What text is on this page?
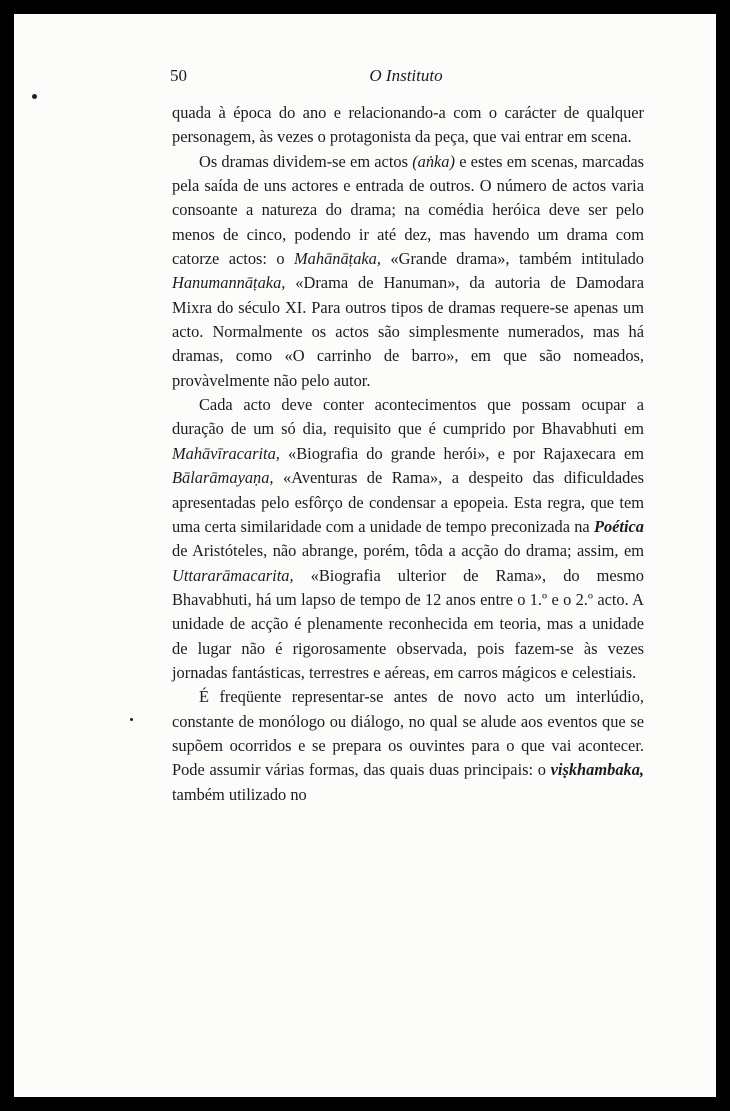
50	O Instituto

quada à época do ano e relacionando-a com o carácter de qualquer personagem, às vezes o protagonista da peça, que vai entrar em scena.

Os dramas dividem-se em actos (aṅka) e estes em scenas, marcadas pela saída de uns actores e entrada de outros. O número de actos varia consoante a natureza do drama; na comédia heróica deve ser pelo menos de cinco, podendo ir até dez, mas havendo um drama com catorze actos: o Mahānāṭaka, «Grande drama», também intitulado Hanumannāṭaka, «Drama de Hanuman», da autoria de Damodara Mixra do século XI. Para outros tipos de dramas requere-se apenas um acto. Normalmente os actos são simplesmente numerados, mas há dramas, como «O carrinho de barro», em que são nomeados, provàvelmente não pelo autor.

Cada acto deve conter acontecimentos que possam ocupar a duração de um só dia, requisito que é cumprido por Bhavabhuti em Mahāvīracarita, «Biografia do grande herói», e por Rajaxecara em Bālarāmayaṇa, «Aventuras de Rama», a despeito das dificuldades apresentadas pelo esfôrço de condensar a epopeia. Esta regra, que tem uma certa similaridade com a unidade de tempo preconizada na Poética de Aristóteles, não abrange, porém, tôda a acção do drama; assim, em Uttararāmacarita, «Biografia ulterior de Rama», do mesmo Bhavabhuti, há um lapso de tempo de 12 anos entre o 1.º e o 2.º acto. A unidade de acção é plenamente reconhecida em teoria, mas a unidade de lugar não é rigorosamente observada, pois fazem-se às vezes jornadas fantásticas, terrestres e aéreas, em carros mágicos e celestiais.

É freqüente representar-se antes de novo acto um interlúdio, constante de monólogo ou diálogo, no qual se alude aos eventos que se supõem ocorridos e se prepara os ouvintes para o que vai acontecer. Pode assumir várias formas, das quais duas principais: o viṣkhambaka, também utilizado no
